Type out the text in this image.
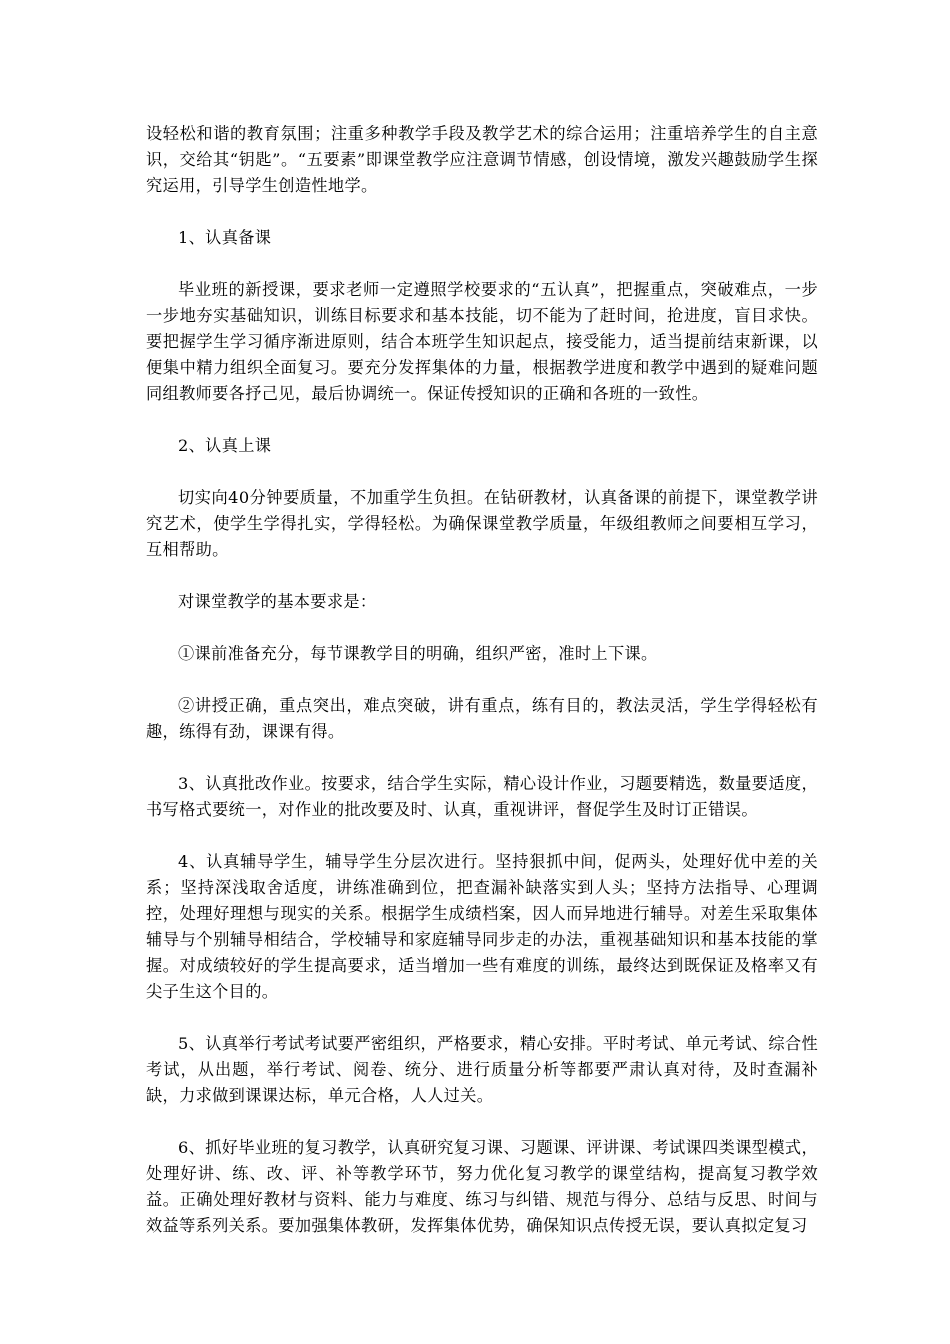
设轻松和谐的教育氛围；注重多种教学手段及教学艺术的综合运用；注重培养学生的自主意识，交给其“钥匙”。“五要素”即课堂教学应注意调节情感，创设情境，激发兴趣鼓励学生探究运用，引导学生创造性地学。

1、认真备课

毕业班的新授课，要求老师一定遵照学校要求的“五认真”，把握重点，突破难点，一步一步地夯实基础知识，训练目标要求和基本技能，切不能为了赶时间，抢进度，盲目求快。要把握学生学习循序渐进原则，结合本班学生知识起点，接受能力，适当提前结束新课，以便集中精力组织全面复习。要充分发挥集体的力量，根据教学进度和教学中遇到的疑难问题同组教师要各抒己见，最后协调统一。保证传授知识的正确和各班的一致性。

2、认真上课

切实向40分钟要质量，不加重学生负担。在钻研教材，认真备课的前提下，课堂教学讲究艺术，使学生学得扎实，学得轻松。为确保课堂教学质量，年级组教师之间要相互学习，互相帮助。

对课堂教学的基本要求是：

①课前准备充分，每节课教学目的明确，组织严密，准时上下课。

②讲授正确，重点突出，难点突破，讲有重点，练有目的，教法灵活，学生学得轻松有趣，练得有劲，课课有得。

3、认真批改作业。按要求，结合学生实际，精心设计作业，习题要精选，数量要适度，书写格式要统一，对作业的批改要及时、认真，重视讲评，督促学生及时订正错误。

4、认真辅导学生，辅导学生分层次进行。坚持狠抓中间，促两头，处理好优中差的关系；坚持深浅取舍适度，讲练准确到位，把查漏补缺落实到人头；坚持方法指导、心理调控，处理好理想与现实的关系。根据学生成绩档案，因人而异地进行辅导。对差生采取集体辅导与个别辅导相结合，学校辅导和家庭辅导同步走的办法，重视基础知识和基本技能的掌握。对成绩较好的学生提高要求，适当增加一些有难度的训练，最终达到既保证及格率又有尖子生这个目的。

5、认真举行考试考试要严密组织，严格要求，精心安排。平时考试、单元考试、综合性考试，从出题，举行考试、阅卷、统分、进行质量分析等都要严肃认真对待，及时查漏补缺，力求做到课课达标，单元合格，人人过关。

6、抓好毕业班的复习教学，认真研究复习课、习题课、评讲课、考试课四类课型模式，处理好讲、练、改、评、补等教学环节，努力优化复习教学的课堂结构，提高复习教学效益。正确处理好教材与资料、能力与难度、练习与纠错、规范与得分、总结与反思、时间与效益等系列关系。要加强集体教研，发挥集体优势，确保知识点传授无误，要认真拟定复习
